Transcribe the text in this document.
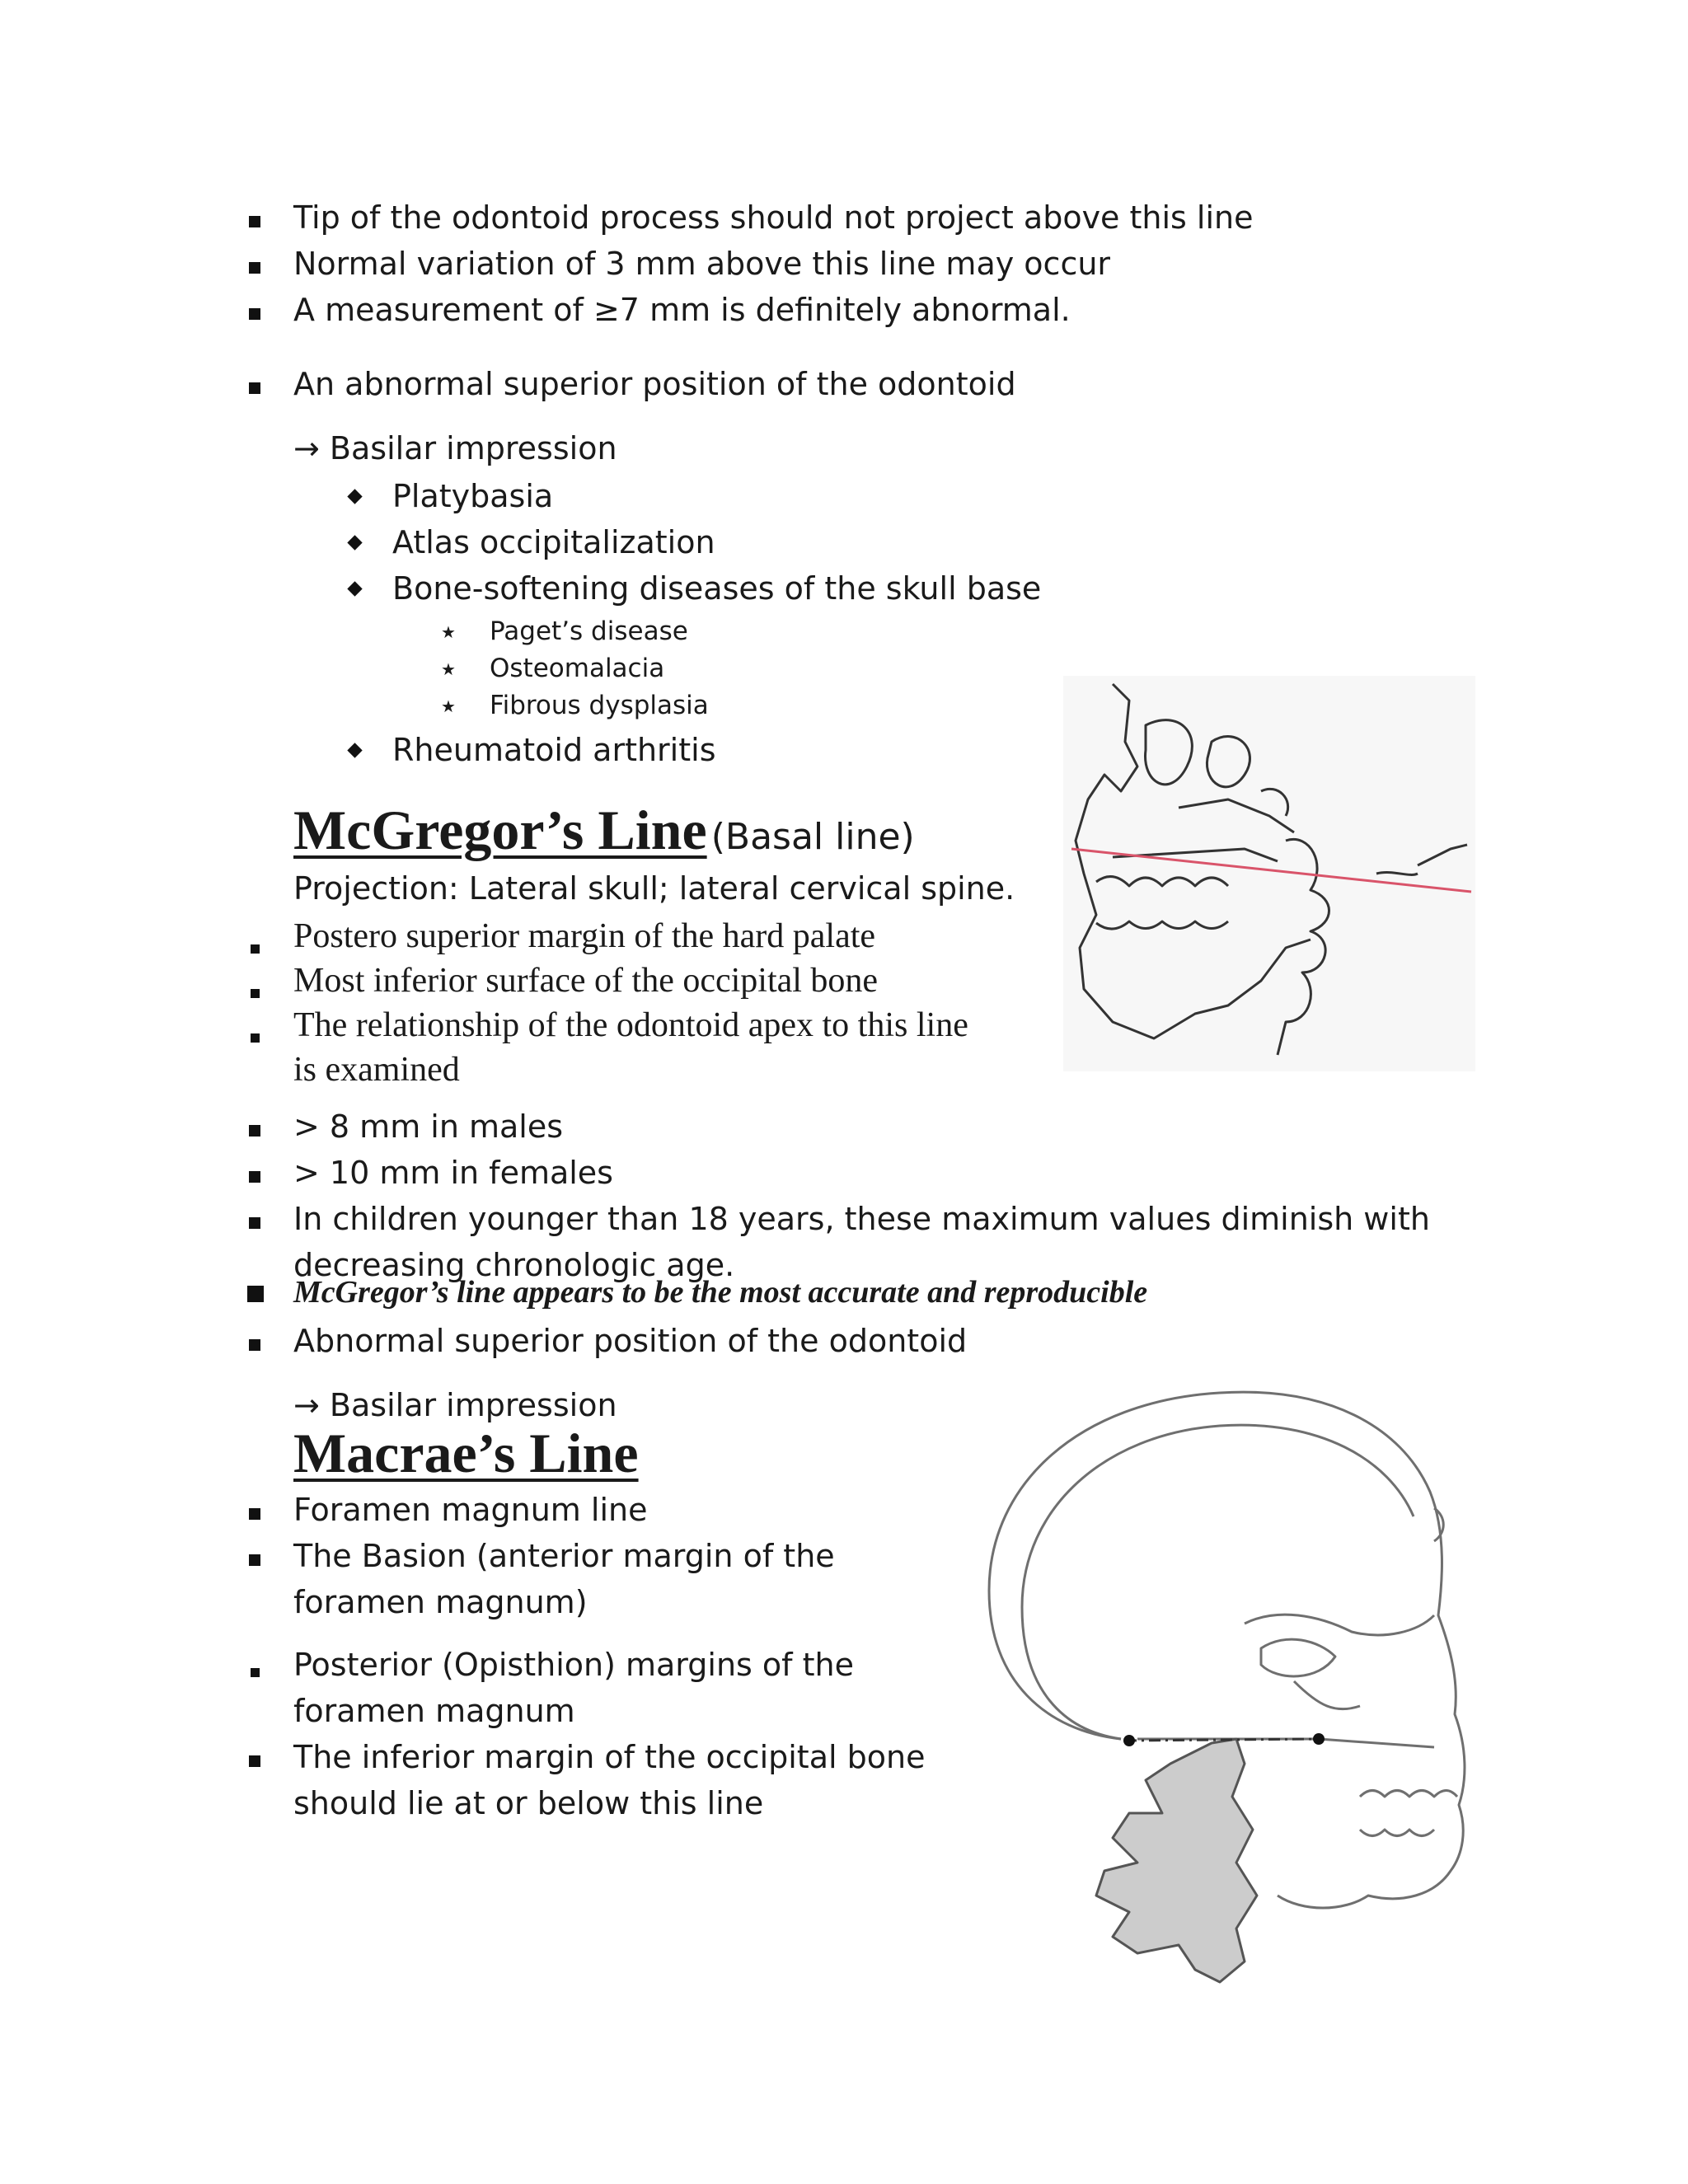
Tip of the odontoid process should not project above this line
Normal variation of 3 mm above this line may occur
A measurement of ≥7 mm is definitely abnormal.
An abnormal superior position of the odontoid
→ Basilar impression
Platybasia
Atlas occipitalization
Bone-softening diseases of the skull base
★ Paget’s disease
★ Osteomalacia
★ Fibrous dysplasia
Rheumatoid arthritis
McGregor’s Line (Basal line)
Projection: Lateral skull; lateral cervical spine.
Postero superior margin of the hard palate
Most inferior surface of the occipital bone
The relationship of the odontoid apex to this line
is examined
> 8 mm in males
> 10 mm in females
In children younger than 18 years, these maximum values diminish with
decreasing chronologic age.
McGregor’s line appears to be the most accurate and reproducible
Abnormal superior position of the odontoid
→ Basilar impression
Macrae’s Line
Foramen magnum line
The Basion (anterior margin of the
foramen magnum)
Posterior (Opisthion) margins of the
foramen magnum
The inferior margin of the occipital bone
should lie at or below this line
